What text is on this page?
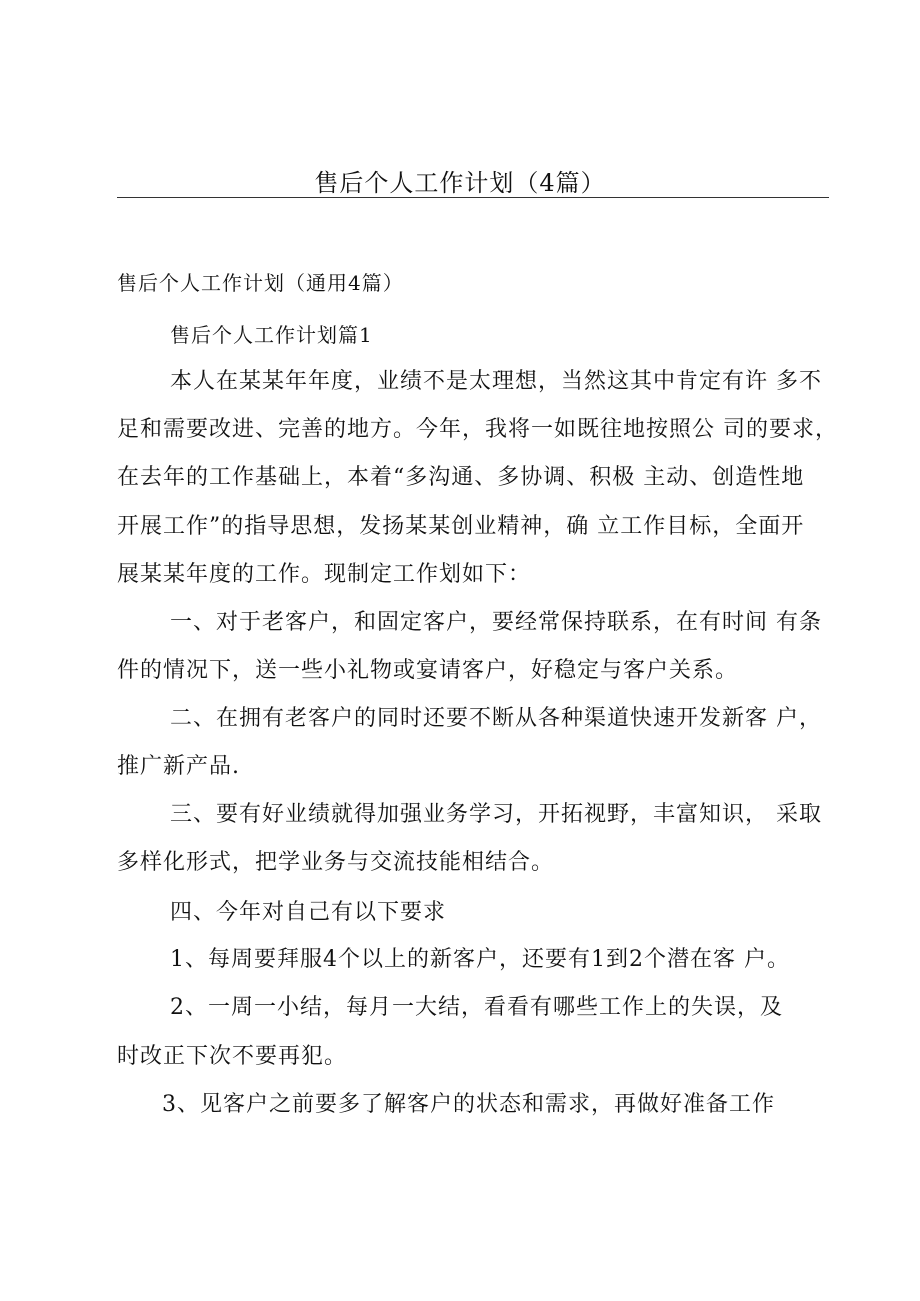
售后个人工作计划（4篇）
售后个人工作计划（通用4篇）
售后个人工作计划篇1
本人在某某年年度，业绩不是太理想，当然这其中肯定有许 多不
足和需要改进、完善的地方。今年，我将一如既往地按照公 司的要求，
在去年的工作基础上，本着“多沟通、多协调、积极 主动、创造性地
开展工作”的指导思想，发扬某某创业精神，确 立工作目标，全面开
展某某年度的工作。现制定工作划如下：
一、对于老客户，和固定客户，要经常保持联系，在有时间 有条
件的情况下，送一些小礼物或宴请客户，好稳定与客户关系。
二、在拥有老客户的同时还要不断从各种渠道快速开发新客 户，
推广新产品.
三、要有好业绩就得加强业务学习，开拓视野，丰富知识， 采取
多样化形式，把学业务与交流技能相结合。
四、今年对自己有以下要求
1、每周要拜服4个以上的新客户，还要有1到2个潜在客 户。
2、一周一小结，每月一大结，看看有哪些工作上的失误，及
时改正下次不要再犯。
3、见客户之前要多了解客户的状态和需求，再做好准备工作
